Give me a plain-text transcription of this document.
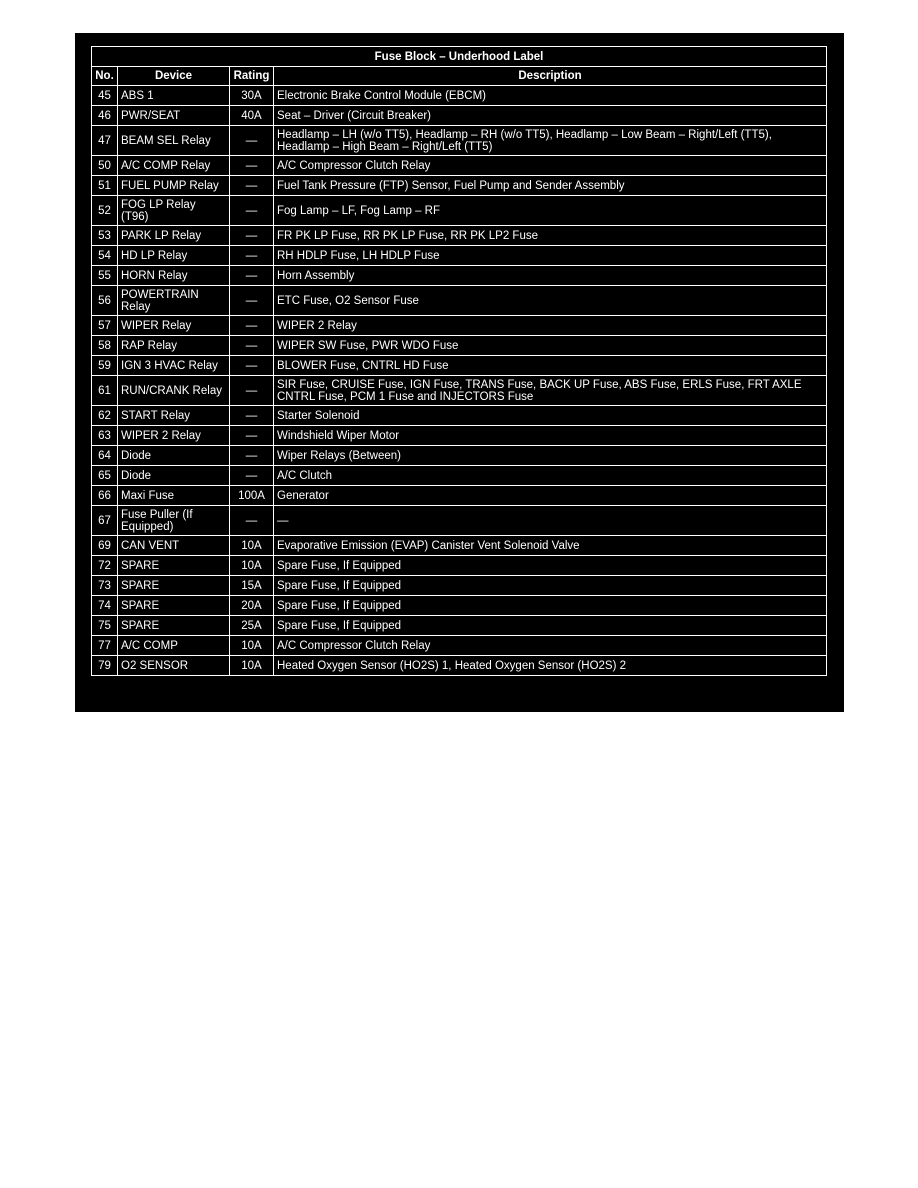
Fuse Block – Underhood Label			
No.	Device	Rating	Description
45	ABS 1	30A	Electronic Brake Control Module (EBCM)
46	PWR/SEAT	40A	Seat – Driver (Circuit Breaker)
47	BEAM SEL Relay	—	Headlamp – LH (w/o TT5), Headlamp – RH (w/o TT5), Headlamp – Low Beam – Right/Left (TT5), Headlamp – High Beam – Right/Left (TT5)
50	A/C COMP Relay	—	A/C Compressor Clutch Relay
51	FUEL PUMP Relay	—	Fuel Tank Pressure (FTP) Sensor, Fuel Pump and Sender Assembly
52	FOG LP Relay (T96)	—	Fog Lamp – LF, Fog Lamp – RF
53	PARK LP Relay	—	FR PK LP Fuse, RR PK LP Fuse, RR PK LP2 Fuse
54	HD LP Relay	—	RH HDLP Fuse, LH HDLP Fuse
55	HORN Relay	—	Horn Assembly
56	POWERTRAIN Relay	—	ETC Fuse, O2 Sensor Fuse
57	WIPER Relay	—	WIPER 2 Relay
58	RAP Relay	—	WIPER SW Fuse, PWR WDO Fuse
59	IGN 3 HVAC Relay	—	BLOWER Fuse, CNTRL HD Fuse
61	RUN/CRANK Relay	—	SIR Fuse, CRUISE Fuse, IGN Fuse, TRANS Fuse, BACK UP Fuse, ABS Fuse, ERLS Fuse, FRT AXLE CNTRL Fuse, PCM 1 Fuse and INJECTORS Fuse
62	START Relay	—	Starter Solenoid
63	WIPER 2 Relay	—	Windshield Wiper Motor
64	Diode	—	Wiper Relays (Between)
65	Diode	—	A/C Clutch
66	Maxi Fuse	100A	Generator
67	Fuse Puller (If Equipped)	—	—
69	CAN VENT	10A	Evaporative Emission (EVAP) Canister Vent Solenoid Valve
72	SPARE	10A	Spare Fuse, If Equipped
73	SPARE	15A	Spare Fuse, If Equipped
74	SPARE	20A	Spare Fuse, If Equipped
75	SPARE	25A	Spare Fuse, If Equipped
77	A/C COMP	10A	A/C Compressor Clutch Relay
79	O2 SENSOR	10A	Heated Oxygen Sensor (HO2S) 1, Heated Oxygen Sensor (HO2S) 2
